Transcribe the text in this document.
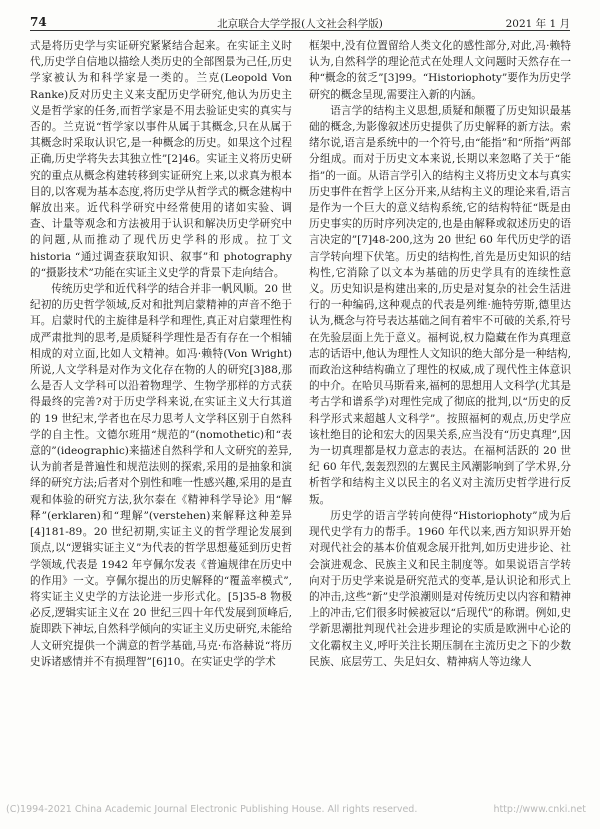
74	北京联合大学学报(人文社会科学版)	2021 年 1 月

式是将历史学与实证研究紧紧结合起来。在实证主义时代,历史学自信地以描绘人类历史的全部图景为己任,历史学家被认为和科学家是一类的。兰克(Leopold Von Ranke)反对历史主义来支配历史学研究,他认为历史主义是哲学家的任务,而哲学家是不用去验证史实的真实与否的。兰克说“哲学家以事件从属于其概念,只在从属于其概念时采取认识它,是一种概念的历史。如果这个过程正确,历史学将失去其独立性”[2]46。实证主义将历史研究的重点从概念构建转移到实证研究上来,以求真为根本目的,以客观为基本态度,将历史学从哲学式的概念建构中解放出来。近代科学研究中经常使用的诸如实验、调查、计量等观念和方法被用于认识和解决历史学研究中的问题,从而推动了现代历史学科的形成。拉丁文 historia “通过调查获取知识、叙事”和 photography 的“摄影技术”功能在实证主义史学的背景下走向结合。

传统历史学和近代科学的结合并非一帆风顺。20 世纪初的历史哲学领域,反对和批判启蒙精神的声音不绝于耳。启蒙时代的主旋律是科学和理性,真正对启蒙理性构成严肃批判的思考,是质疑科学理性是否有存在一个相辅相成的对立面,比如人文精神。如冯·赖特(Von Wright)所说,人文学科是对作为文化存在物的人的研究[3]88,那么是否人文学科可以沿着物理学、生物学那样的方式获得最终的完善?对于历史学科来说,在实证主义大行其道的 19 世纪末,学者也在尽力思考人文学科区别于自然科学的自主性。文德尔班用“规范的”(nomothetic)和“表意的”(ideographic)来描述自然科学和人文研究的差异,认为前者是普遍性和规范法则的探索,采用的是抽象和演绎的研究方法;后者对个别性和唯一性感兴趣,采用的是直观和体验的研究方法,狄尔泰在《精神科学导论》用“解释”(erklaren)和“理解”(verstehen)来解释这种差异[4]181-89。20 世纪初期,实证主义的哲学理论发展到顶点,以“逻辑实证主义”为代表的哲学思想蔓延到历史哲学领域,代表是 1942 年亨佩尔发表《普遍规律在历史中的作用》一文。亨佩尔提出的历史解释的“覆盖率模式”,将实证主义史学的方法论进一步形式化。[5]35-8 物极必反,逻辑实证主义在 20 世纪三四十年代发展到顶峰后,旋即跌下神坛,自然科学倾向的实证主义历史研究,未能给人文研究提供一个满意的哲学基础,马克·布洛赫说“将历史诉诸感情并不有损理智”[6]10。在实证史学的学术

框架中,没有位置留给人类文化的感性部分,对此,冯·赖特认为,自然科学的理论范式在处理人文问题时天然存在一种“概念的贫乏”[3]99。“Historiophoty”要作为历史学研究的概念呈现,需要注入新的内涵。

语言学的结构主义思想,质疑和颠覆了历史知识最基础的概念,为影像叙述历史提供了历史解释的新方法。索绪尔说,语言是系统中的一个符号,由“能指”和“所指”两部分组成。而对于历史文本来说,长期以来忽略了关于“能指”的一面。从语言学引入的结构主义将历史文本与真实历史事件在哲学上区分开来,从结构主义的理论来看,语言是作为一个巨大的意义结构系统,它的结构特征“既是由历史事实的历时序列决定的,也是由解释或叙述历史的语言决定的”[7]48-200,这为 20 世纪 60 年代历史学的语言学转向埋下伏笔。历史的结构性,首先是历史知识的结构性,它消除了以文本为基础的历史学具有的连续性意义。历史知识是构建出来的,历史是对复杂的社会生活进行的一种编码,这种观点的代表是列维·施特劳斯,德里达认为,概念与符号表达基础之间有着牢不可破的关系,符号在先验层面上先于意义。福柯说,权力隐藏在作为真理意志的话语中,他认为理性人文知识的绝大部分是一种结构,而政治这种结构确立了理性的权威,成了现代性主体意识的中介。在哈贝马斯看来,福柯的思想用人文科学(尤其是考古学和谱系学)对理性完成了彻底的批判,以“历史的反科学形式来超越人文科学”。按照福柯的观点,历史学应该杜绝目的论和宏大的因果关系,应当没有“历史真理”,因为一切真理都是权力意志的表达。在福柯活跃的 20 世纪 60 年代,轰轰烈烈的左翼民主风潮影响到了学术界,分析哲学和结构主义以民主的名义对主流历史哲学进行反叛。

历史学的语言学转向使得“Historiophoty”成为后现代史学有力的帮手。1960 年代以来,西方知识界开始对现代社会的基本价值观念展开批判,如历史进步论、社会演进观念、民族主义和民主制度等。如果说语言学转向对于历史学来说是研究范式的变革,是认识论和形式上的冲击,这些“新”史学浪潮则是对传统历史以内容和精神上的冲击,它们很多时候被冠以“后现代”的称谓。例如,史学新思潮批判现代社会进步理论的实质是欧洲中心论的文化霸权主义,呼吁关注长期压制在主流历史之下的少数民族、底层劳工、失足妇女、精神病人等边缘人

(C)1994-2021 China Academic Journal Electronic Publishing House. All rights reserved.	http://www.cnki.net
